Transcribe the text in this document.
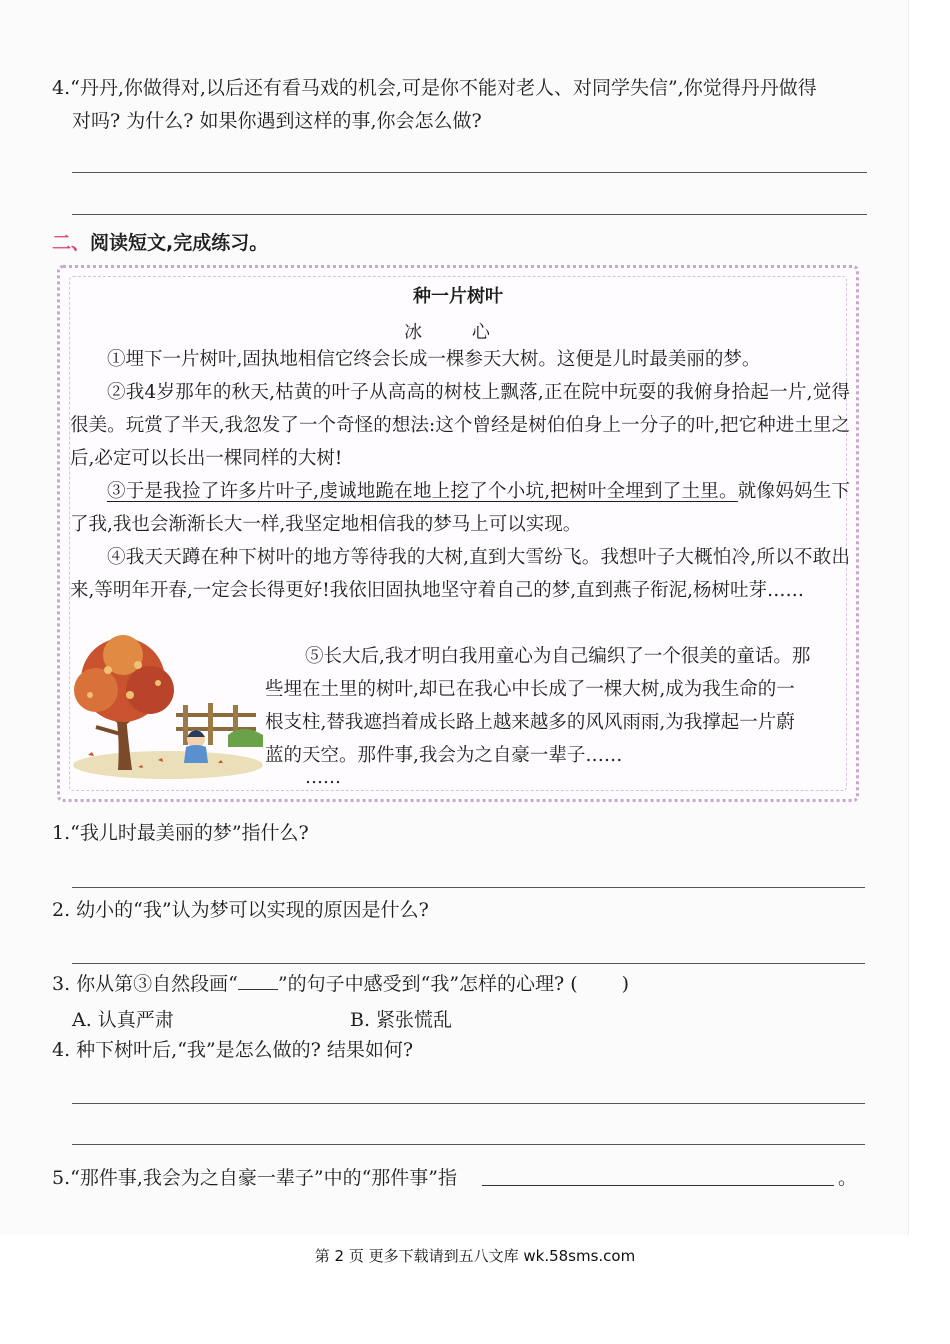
4.“丹丹,你做得对,以后还有看马戏的机会,可是你不能对老人、对同学失信”,你觉得丹丹做得
对吗? 为什么? 如果你遇到这样的事,你会怎么做?
二、阅读短文,完成练习。
种一片树叶
冰 心
①埋下一片树叶,固执地相信它终会长成一棵参天大树。这便是儿时最美丽的梦。
②我4岁那年的秋天,枯黄的叶子从高高的树枝上飘落,正在院中玩耍的我俯身拾起一片,觉得很美。玩赏了半天,我忽发了一个奇怪的想法:这个曾经是树伯伯身上一分子的叶,把它种进土里之后,必定可以长出一棵同样的大树!
③于是我捡了许多片叶子,虔诚地跪在地上挖了个小坑,把树叶全埋到了土里。就像妈妈生下了我,我也会渐渐长大一样,我坚定地相信我的梦马上可以实现。
④我天天蹲在种下树叶的地方等待我的大树,直到大雪纷飞。我想叶子大概怕冷,所以不敢出来,等明年开春,一定会长得更好!我依旧固执地坚守着自己的梦,直到燕子衔泥,杨树吐芽……
⑤长大后,我才明白我用童心为自己编织了一个很美的童话。那
些埋在土里的树叶,却已在我心中长成了一棵大树,成为我生命的一
根支柱,替我遮挡着成长路上越来越多的风风雨雨,为我撑起一片蔚
蓝的天空。那件事,我会为之自豪一辈子……
……
1.“我儿时最美丽的梦”指什么?
2. 幼小的“我”认为梦可以实现的原因是什么?
3. 你从第③自然段画“ ”的句子中感受到“我”怎样的心理? ( )
A. 认真严肃	B. 紧张慌乱
4. 种下树叶后,“我”是怎么做的? 结果如何?
5.“那件事,我会为之自豪一辈子”中的“那件事”指	。
第 2 页 更多下载请到五八文库 wk.58sms.com
